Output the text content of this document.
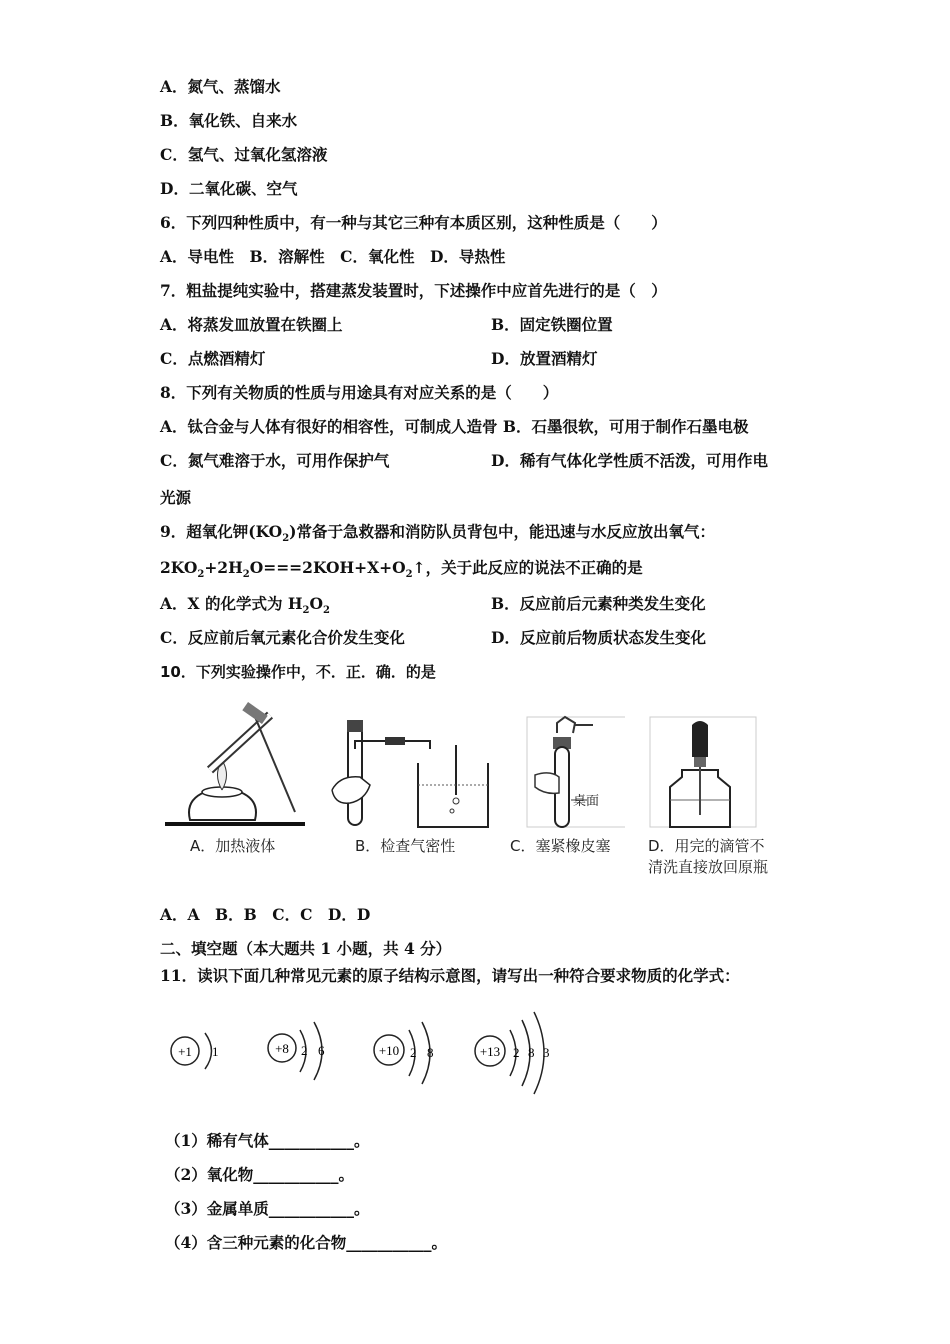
A．氮气、蒸馏水
B．氧化铁、自来水
C．氢气、过氧化氢溶液
D．二氧化碳、空气
6．下列四种性质中，有一种与其它三种有本质区别，这种性质是（　　）
A．导电性　B．溶解性　C．氧化性　D．导热性
7．粗盐提纯实验中，搭建蒸发装置时，下述操作中应首先进行的是（　）
A．将蒸发皿放置在铁圈上	B．固定铁圈位置
C．点燃酒精灯	D．放置酒精灯
8．下列有关物质的性质与用途具有对应关系的是（　　）
A．钛合金与人体有很好的相容性，可制成人造骨 B．石墨很软，可用于制作石墨电极
C．氮气难溶于水，可用作保护气	D．稀有气体化学性质不活泼，可用作电
光源
9．超氧化钾$(KO_2)$常备于急救器和消防队员背包中，能迅速与水反应放出氧气：
$2KO_2+2H_2O===2KOH+X+O_2↑$，关于此反应的说法不正确的是
A．X 的化学式为 $H_2O_2$	B．反应前后元素种类发生变化
C．反应前后氧元素化合价发生变化	D．反应前后物质状态发生变化
10．下列实验操作中，不．正．确．的是
A．加热液体	B．检查气密性
桌面
C．塞紧橡皮塞	D．用完的滴管不
清洗直接放回原瓶
A．A　B．B　C．C　D．D
二、填空题（本大题共 1 小题，共 4 分）
11．读识下面几种常见元素的原子结构示意图，请写出一种符合要求物质的化学式：
+1 1	+8 2 6	+10 2 8	+13 2 8 3
（1）稀有气体___________。
（2）氧化物___________。
（3）金属单质___________。
（4）含三种元素的化合物___________。
